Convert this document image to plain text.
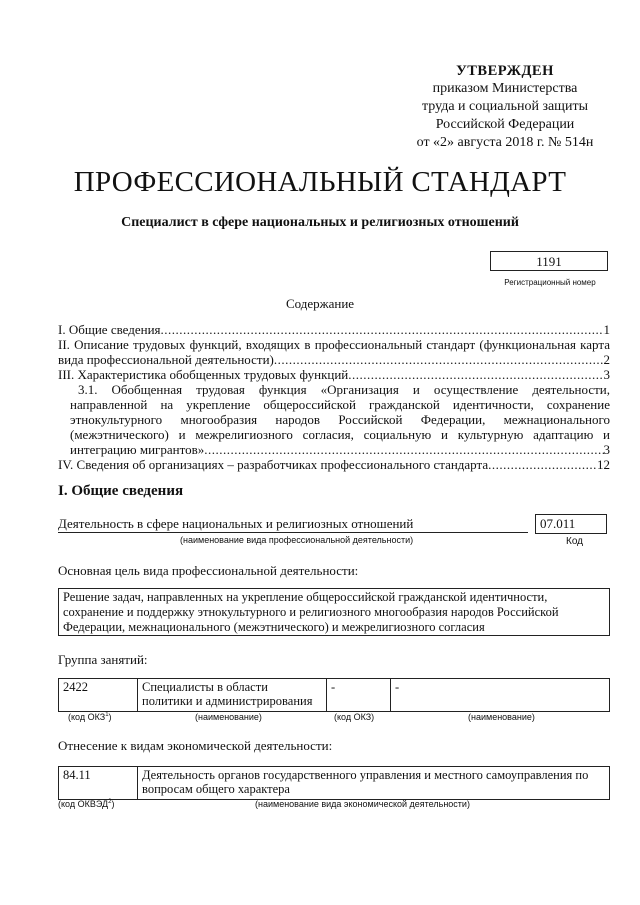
УТВЕРЖДЕН
приказом Министерства
труда и социальной защиты
Российской Федерации
от «2» августа 2018 г. № 514н
ПРОФЕССИОНАЛЬНЫЙ СТАНДАРТ
Специалист в сфере национальных и религиозных отношений
1191
Регистрационный номер
Содержание
I. Общие сведения .....	1
II. Описание трудовых функций, входящих в профессиональный стандарт (функциональная карта
вида профессиональной деятельности) .....	2
III. Характеристика обобщенных трудовых функций .....	3
3.1. Обобщенная трудовая функция «Организация и осуществление деятельности,
направленной на укрепление общероссийской гражданской идентичности, сохранение
этнокультурного многообразия народов Российской Федерации, межнационального
(межэтнического) и межрелигиозного согласия, социальную и культурную адаптацию и
интеграцию мигрантов» .....	3
IV. Сведения об организациях – разработчиках профессионального стандарта .....	12
I. Общие сведения
Деятельность в сфере национальных и религиозных отношений
(наименование вида профессиональной деятельности)
07.011
Код
Основная цель вида профессиональной деятельности:
Решение задач, направленных на укрепление общероссийской гражданской идентичности,
сохранение и поддержку этнокультурного и религиозного многообразия народов Российской
Федерации, межнационального (межэтнического) и межрелигиозного согласия
Группа занятий:
2422	Специалисты в области
политики и администрирования
	-	-
(код ОКЗ$^1$)	(наименование)	(код ОКЗ)	(наименование)
Отнесение к видам экономической деятельности:
84.11	Деятельность органов государственного управления и местного самоуправления по
вопросам общего характера
(код ОКВЭД$^2$)	(наименование вида экономической деятельности)
